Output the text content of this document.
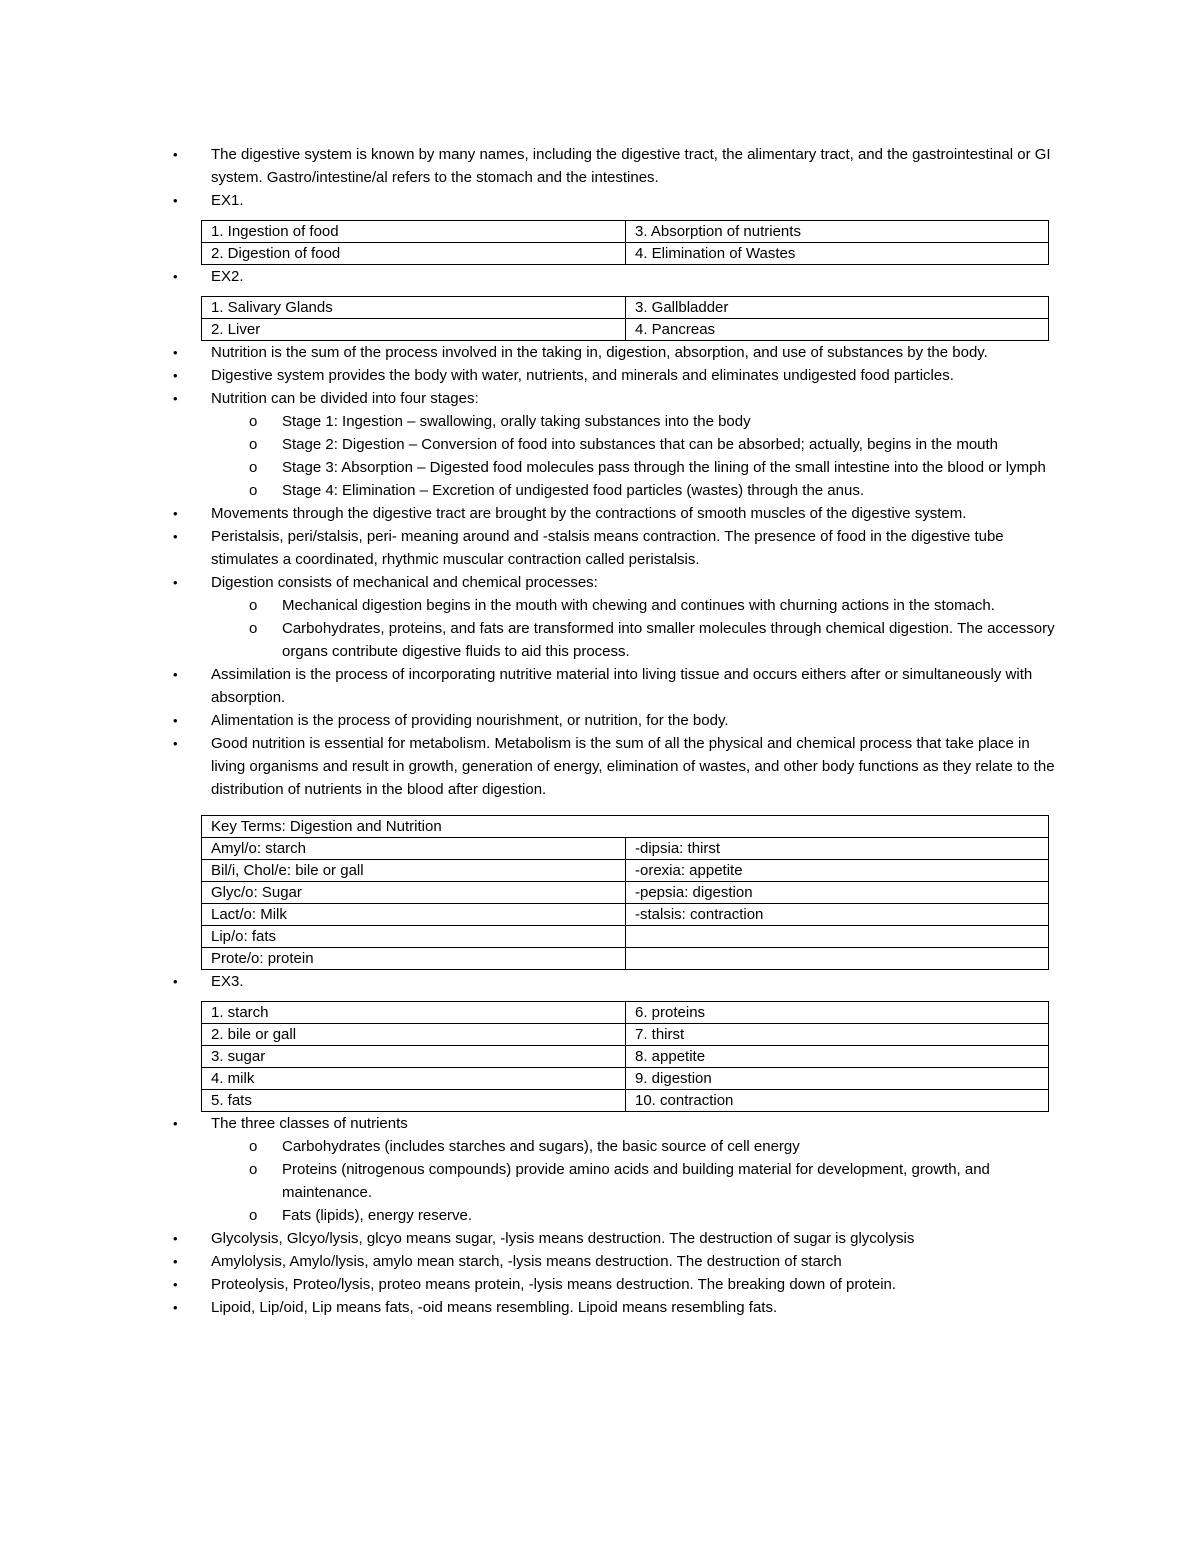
• The digestive system is known by many names, including the digestive tract, the alimentary tract, and the gastrointestinal or GI system. Gastro/intestine/al refers to the stomach and the intestines.
• EX1.
1. Ingestion of food	3. Absorption of nutrients
2. Digestion of food	4. Elimination of Wastes
• EX2.
1. Salivary Glands	3. Gallbladder
2. Liver	4. Pancreas
• Nutrition is the sum of the process involved in the taking in, digestion, absorption, and use of substances by the body.
• Digestive system provides the body with water, nutrients, and minerals and eliminates undigested food particles.
• Nutrition can be divided into four stages:
o Stage 1: Ingestion – swallowing, orally taking substances into the body
o Stage 2: Digestion – Conversion of food into substances that can be absorbed; actually, begins in the mouth
o Stage 3: Absorption – Digested food molecules pass through the lining of the small intestine into the blood or lymph
o Stage 4: Elimination – Excretion of undigested food particles (wastes) through the anus.
• Movements through the digestive tract are brought by the contractions of smooth muscles of the digestive system.
• Peristalsis, peri/stalsis, peri- meaning around and -stalsis means contraction. The presence of food in the digestive tube stimulates a coordinated, rhythmic muscular contraction called peristalsis.
• Digestion consists of mechanical and chemical processes:
o Mechanical digestion begins in the mouth with chewing and continues with churning actions in the stomach.
o Carbohydrates, proteins, and fats are transformed into smaller molecules through chemical digestion. The accessory organs contribute digestive fluids to aid this process.
• Assimilation is the process of incorporating nutritive material into living tissue and occurs eithers after or simultaneously with absorption.
• Alimentation is the process of providing nourishment, or nutrition, for the body.
• Good nutrition is essential for metabolism. Metabolism is the sum of all the physical and chemical process that take place in living organisms and result in growth, generation of energy, elimination of wastes, and other body functions as they relate to the distribution of nutrients in the blood after digestion.
Key Terms: Digestion and Nutrition	
Amyl/o: starch	-dipsia: thirst
Bil/i, Chol/e: bile or gall	-orexia: appetite
Glyc/o: Sugar	-pepsia: digestion
Lact/o: Milk	-stalsis: contraction
Lip/o: fats	
Prote/o: protein	
• EX3.
1. starch	6. proteins
2. bile or gall	7. thirst
3. sugar	8. appetite
4. milk	9. digestion
5. fats	10. contraction
• The three classes of nutrients
o Carbohydrates (includes starches and sugars), the basic source of cell energy
o Proteins (nitrogenous compounds) provide amino acids and building material for development, growth, and maintenance.
o Fats (lipids), energy reserve.
• Glycolysis, Glcyo/lysis, glcyo means sugar, -lysis means destruction. The destruction of sugar is glycolysis
• Amylolysis, Amylo/lysis, amylo mean starch, -lysis means destruction. The destruction of starch
• Proteolysis, Proteo/lysis, proteo means protein, -lysis means destruction. The breaking down of protein.
• Lipoid, Lip/oid, Lip means fats, -oid means resembling. Lipoid means resembling fats.
